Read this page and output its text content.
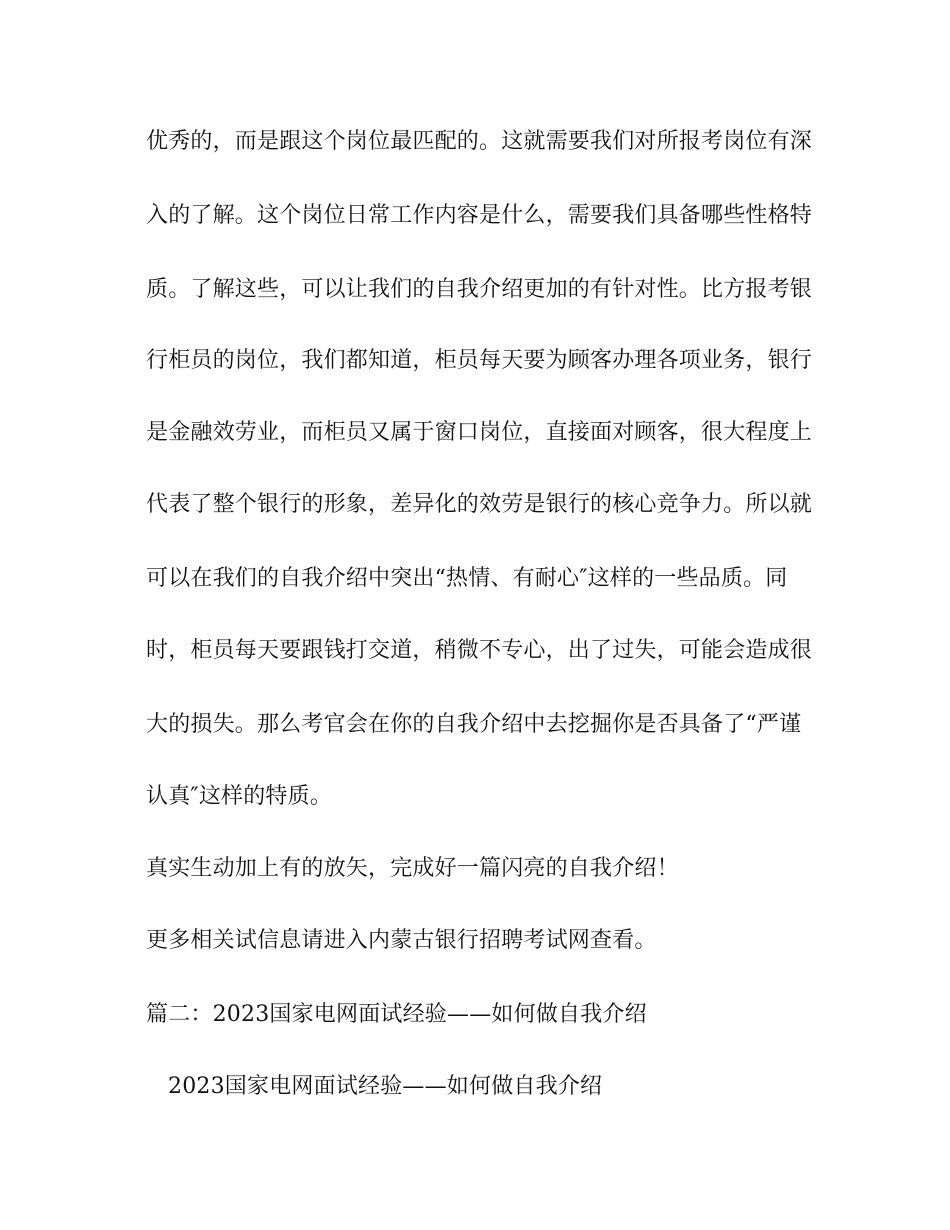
优秀的，而是跟这个岗位最匹配的。这就需要我们对所报考岗位有深
入的了解。这个岗位日常工作内容是什么，需要我们具备哪些性格特
质。了解这些，可以让我们的自我介绍更加的有针对性。比方报考银
行柜员的岗位，我们都知道，柜员每天要为顾客办理各项业务，银行
是金融效劳业，而柜员又属于窗口岗位，直接面对顾客，很大程度上
代表了整个银行的形象，差异化的效劳是银行的核心竞争力。所以就
可以在我们的自我介绍中突出“热情、有耐心″这样的一些品质。同
时，柜员每天要跟钱打交道，稍微不专心，出了过失，可能会造成很
大的损失。那么考官会在你的自我介绍中去挖掘你是否具备了“严谨
认真″这样的特质。
真实生动加上有的放矢，完成好一篇闪亮的自我介绍！
更多相关试信息请进入内蒙古银行招聘考试网查看。
篇二：2023国家电网面试经验——如何做自我介绍
2023国家电网面试经验——如何做自我介绍
